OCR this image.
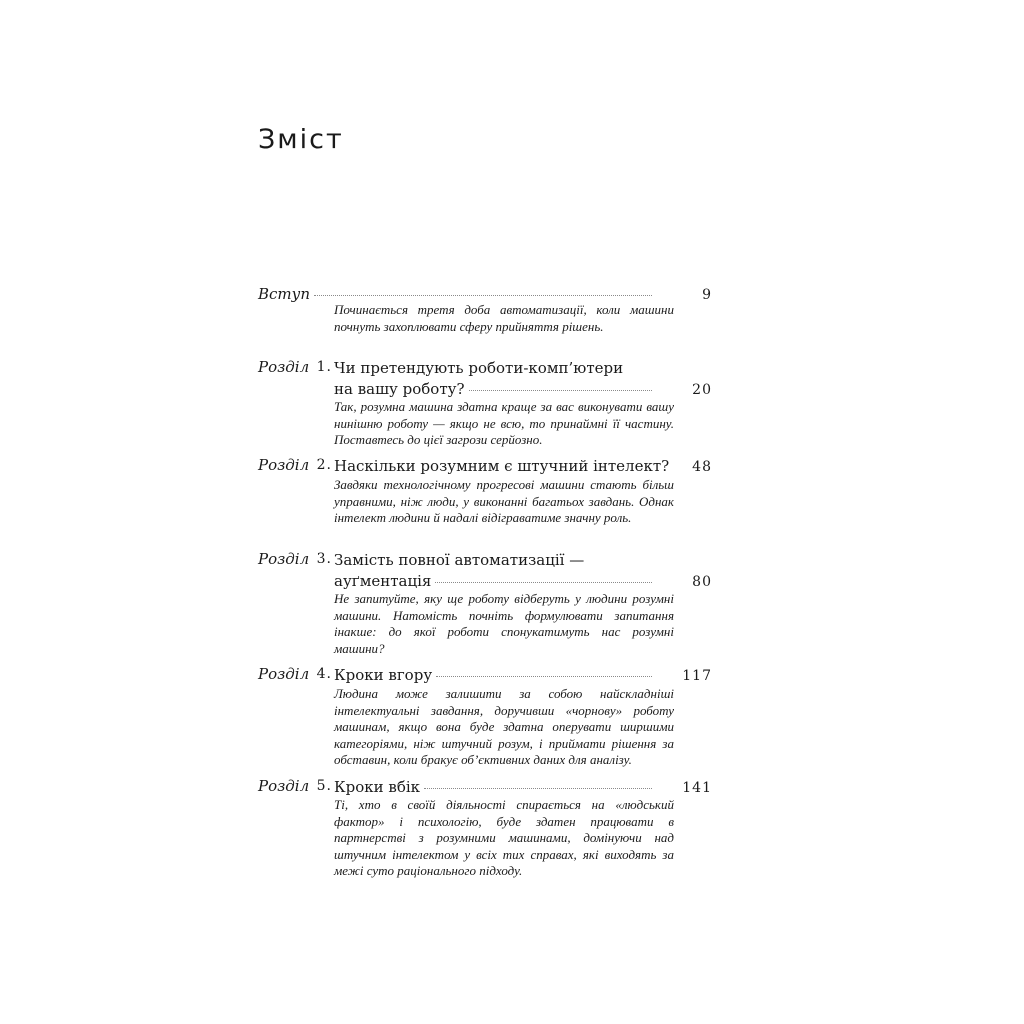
Зміст
Вступ	9

Починається третя доба автоматизації, коли машини почнуть захоплювати сферу прийняття рішень.

Розділ 1. Чи претендують роботи-комп’ютери
на вашу роботу?	20

Так, розумна машина здатна краще за вас виконувати вашу нинішню роботу — якщо не всю, то принаймні її частину. Поставтесь до цієї загрози серйозно.

Розділ 2. Наскільки розумним є штучний інтелект?	48

Завдяки технологічному прогресові машини стають більш управними, ніж люди, у виконанні багатьох завдань. Однак інтелект людини й надалі відіграватиме значну роль.

Розділ 3. Замість повної автоматизації —
ауґментація	80

Не запитуйте, яку ще роботу відберуть у людини розумні машини. Натомість почніть формулювати запитання інакше: до якої роботи спонукатимуть нас розумні машини?

Розділ 4. Кроки вгору	117

Людина може залишити за собою найскладніші інтелектуальні завдання, доручивши «чорнову» роботу машинам, якщо вона буде здатна оперувати ширшими категоріями, ніж штучний розум, і приймати рішення за обставин, коли бракує об’єктивних даних для аналізу.

Розділ 5. Кроки вбік	141

Ті, хто в своїй діяльності спирається на «людський фактор» і психологію, буде здатен працювати в партнерстві з розумними машинами, домінуючи над штучним інтелектом у всіх тих справах, які виходять за межі суто раціонального підходу.
